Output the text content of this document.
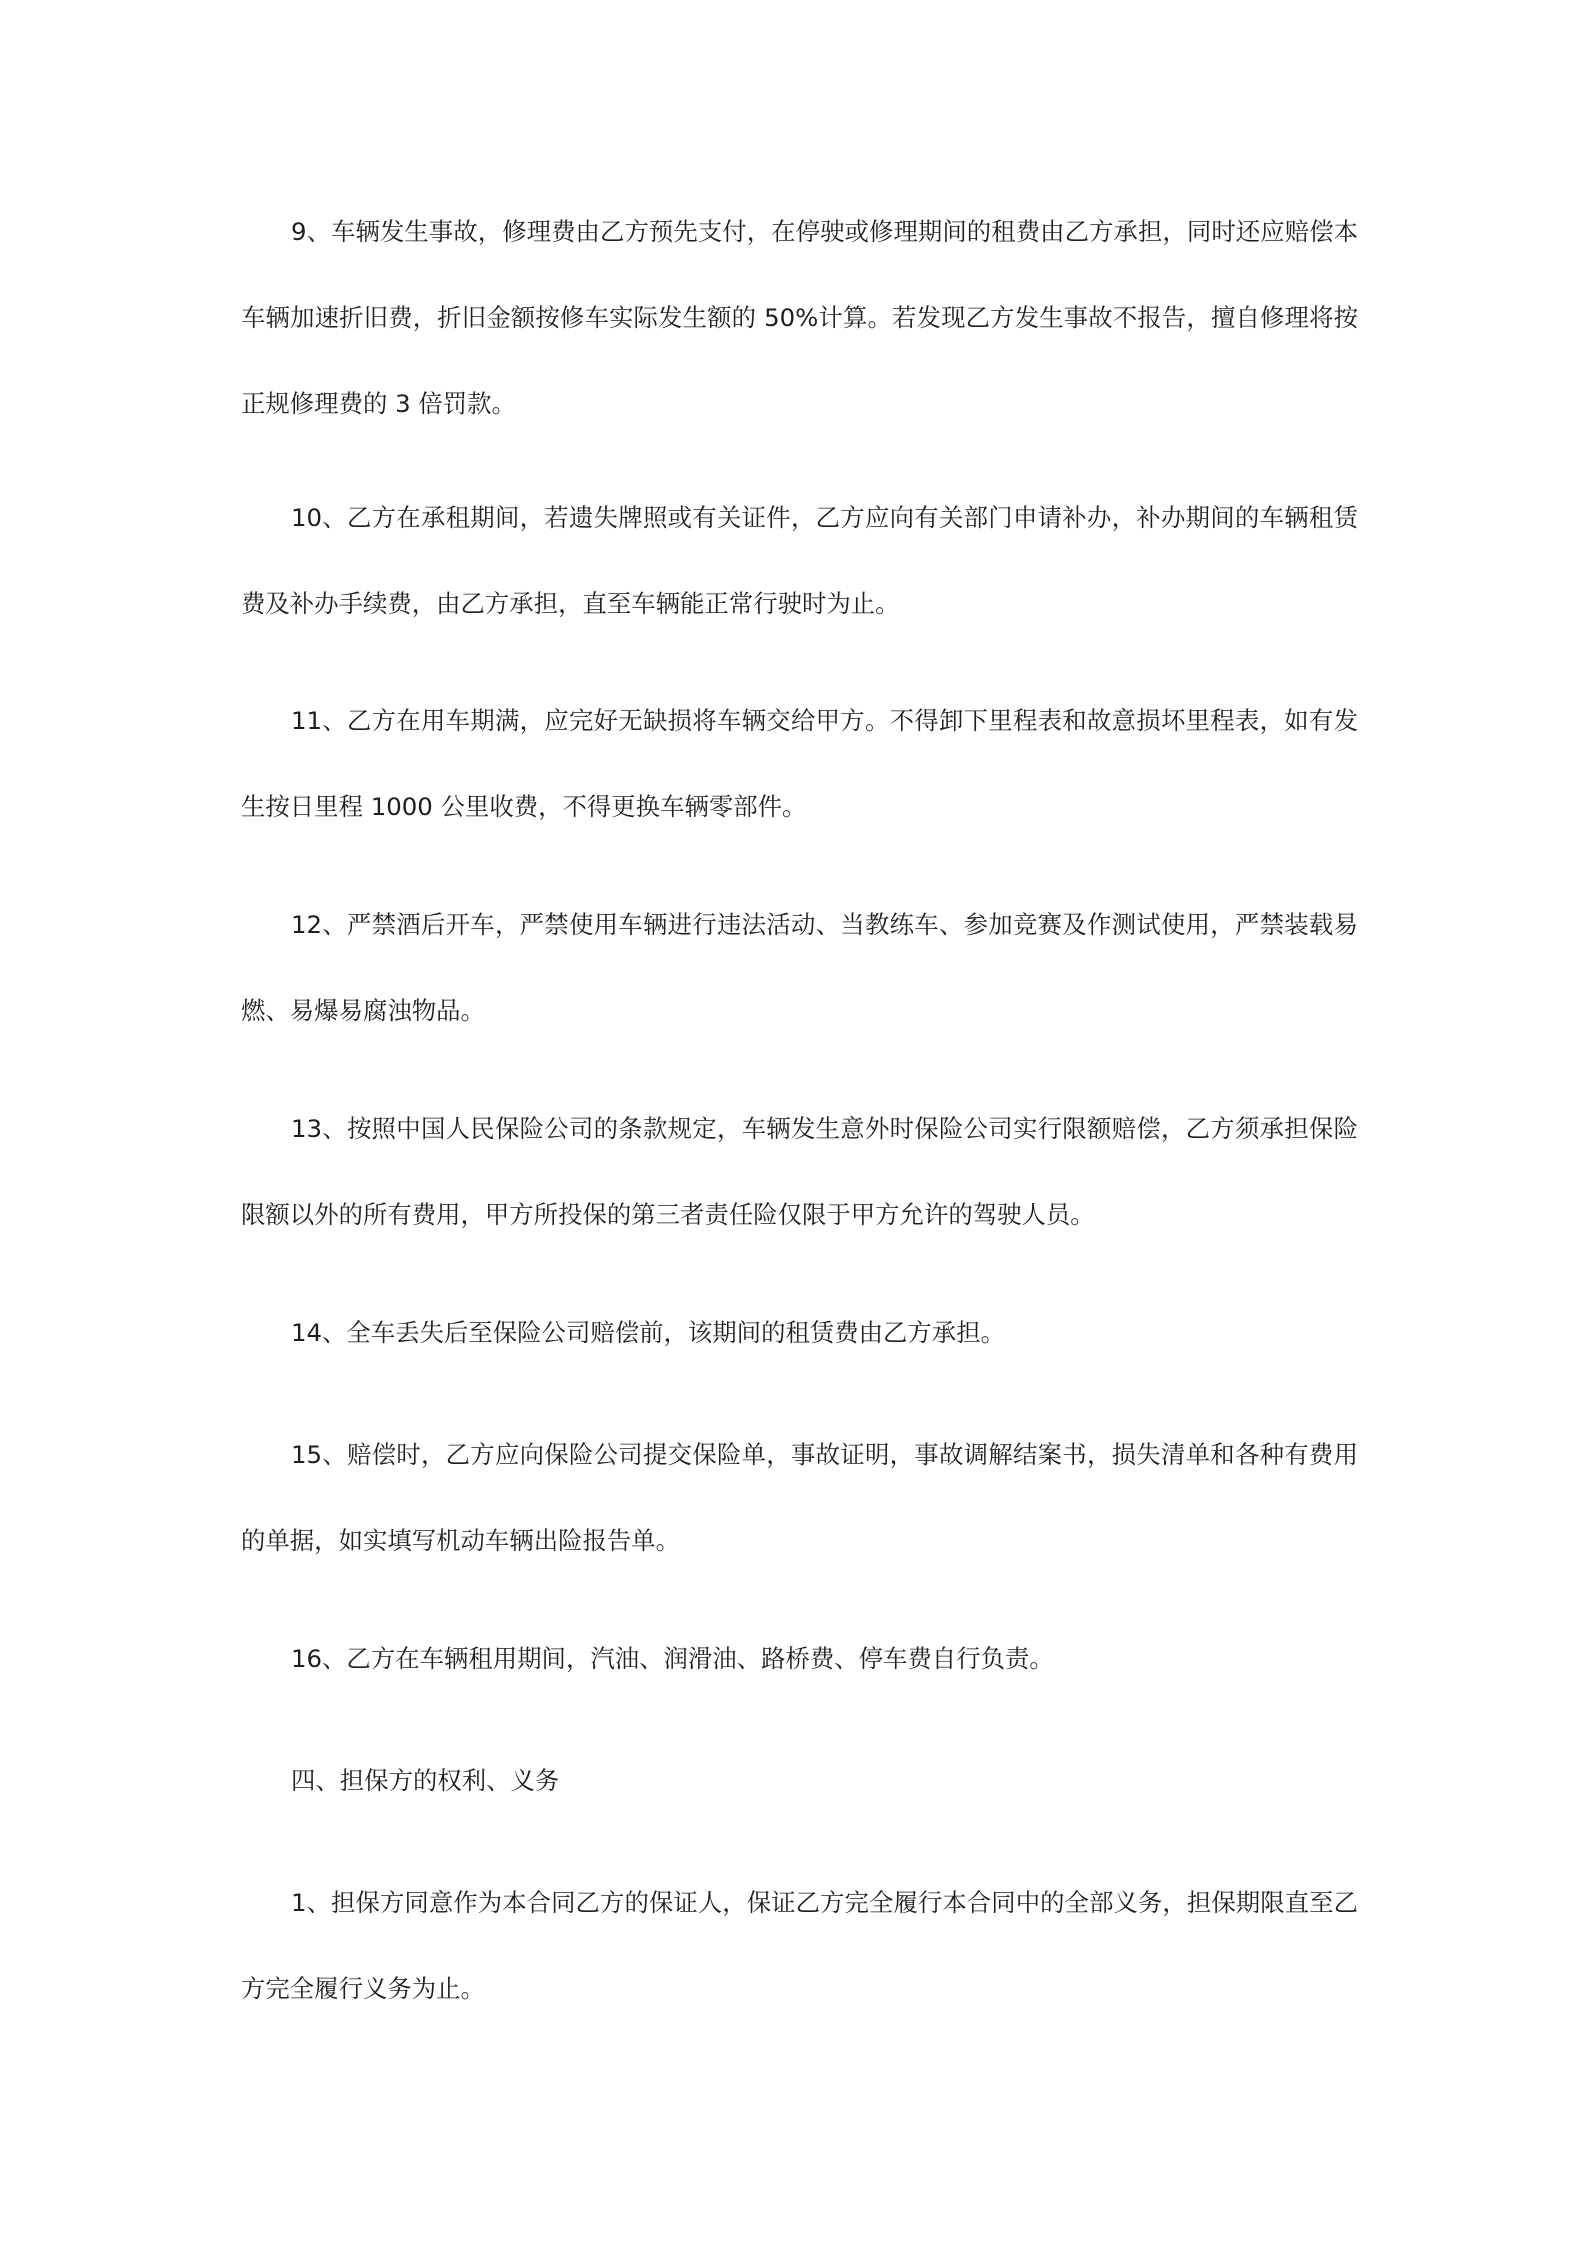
9、车辆发生事故，修理费由乙方预先支付，在停驶或修理期间的租费由乙方承担，同时还应赔偿本车辆加速折旧费，折旧金额按修车实际发生额的 50%计算。若发现乙方发生事故不报告，擅自修理将按正规修理费的 3 倍罚款。

10、乙方在承租期间，若遗失牌照或有关证件，乙方应向有关部门申请补办，补办期间的车辆租赁费及补办手续费，由乙方承担，直至车辆能正常行驶时为止。

11、乙方在用车期满，应完好无缺损将车辆交给甲方。不得卸下里程表和故意损坏里程表，如有发生按日里程 1000 公里收费，不得更换车辆零部件。

12、严禁酒后开车，严禁使用车辆进行违法活动、当教练车、参加竞赛及作测试使用，严禁装载易燃、易爆易腐浊物品。

13、按照中国人民保险公司的条款规定，车辆发生意外时保险公司实行限额赔偿，乙方须承担保险限额以外的所有费用，甲方所投保的第三者责任险仅限于甲方允许的驾驶人员。

14、全车丢失后至保险公司赔偿前，该期间的租赁费由乙方承担。

15、赔偿时，乙方应向保险公司提交保险单，事故证明，事故调解结案书，损失清单和各种有费用的单据，如实填写机动车辆出险报告单。

16、乙方在车辆租用期间，汽油、润滑油、路桥费、停车费自行负责。

四、担保方的权利、义务

1、担保方同意作为本合同乙方的保证人，保证乙方完全履行本合同中的全部义务，担保期限直至乙方完全履行义务为止。
